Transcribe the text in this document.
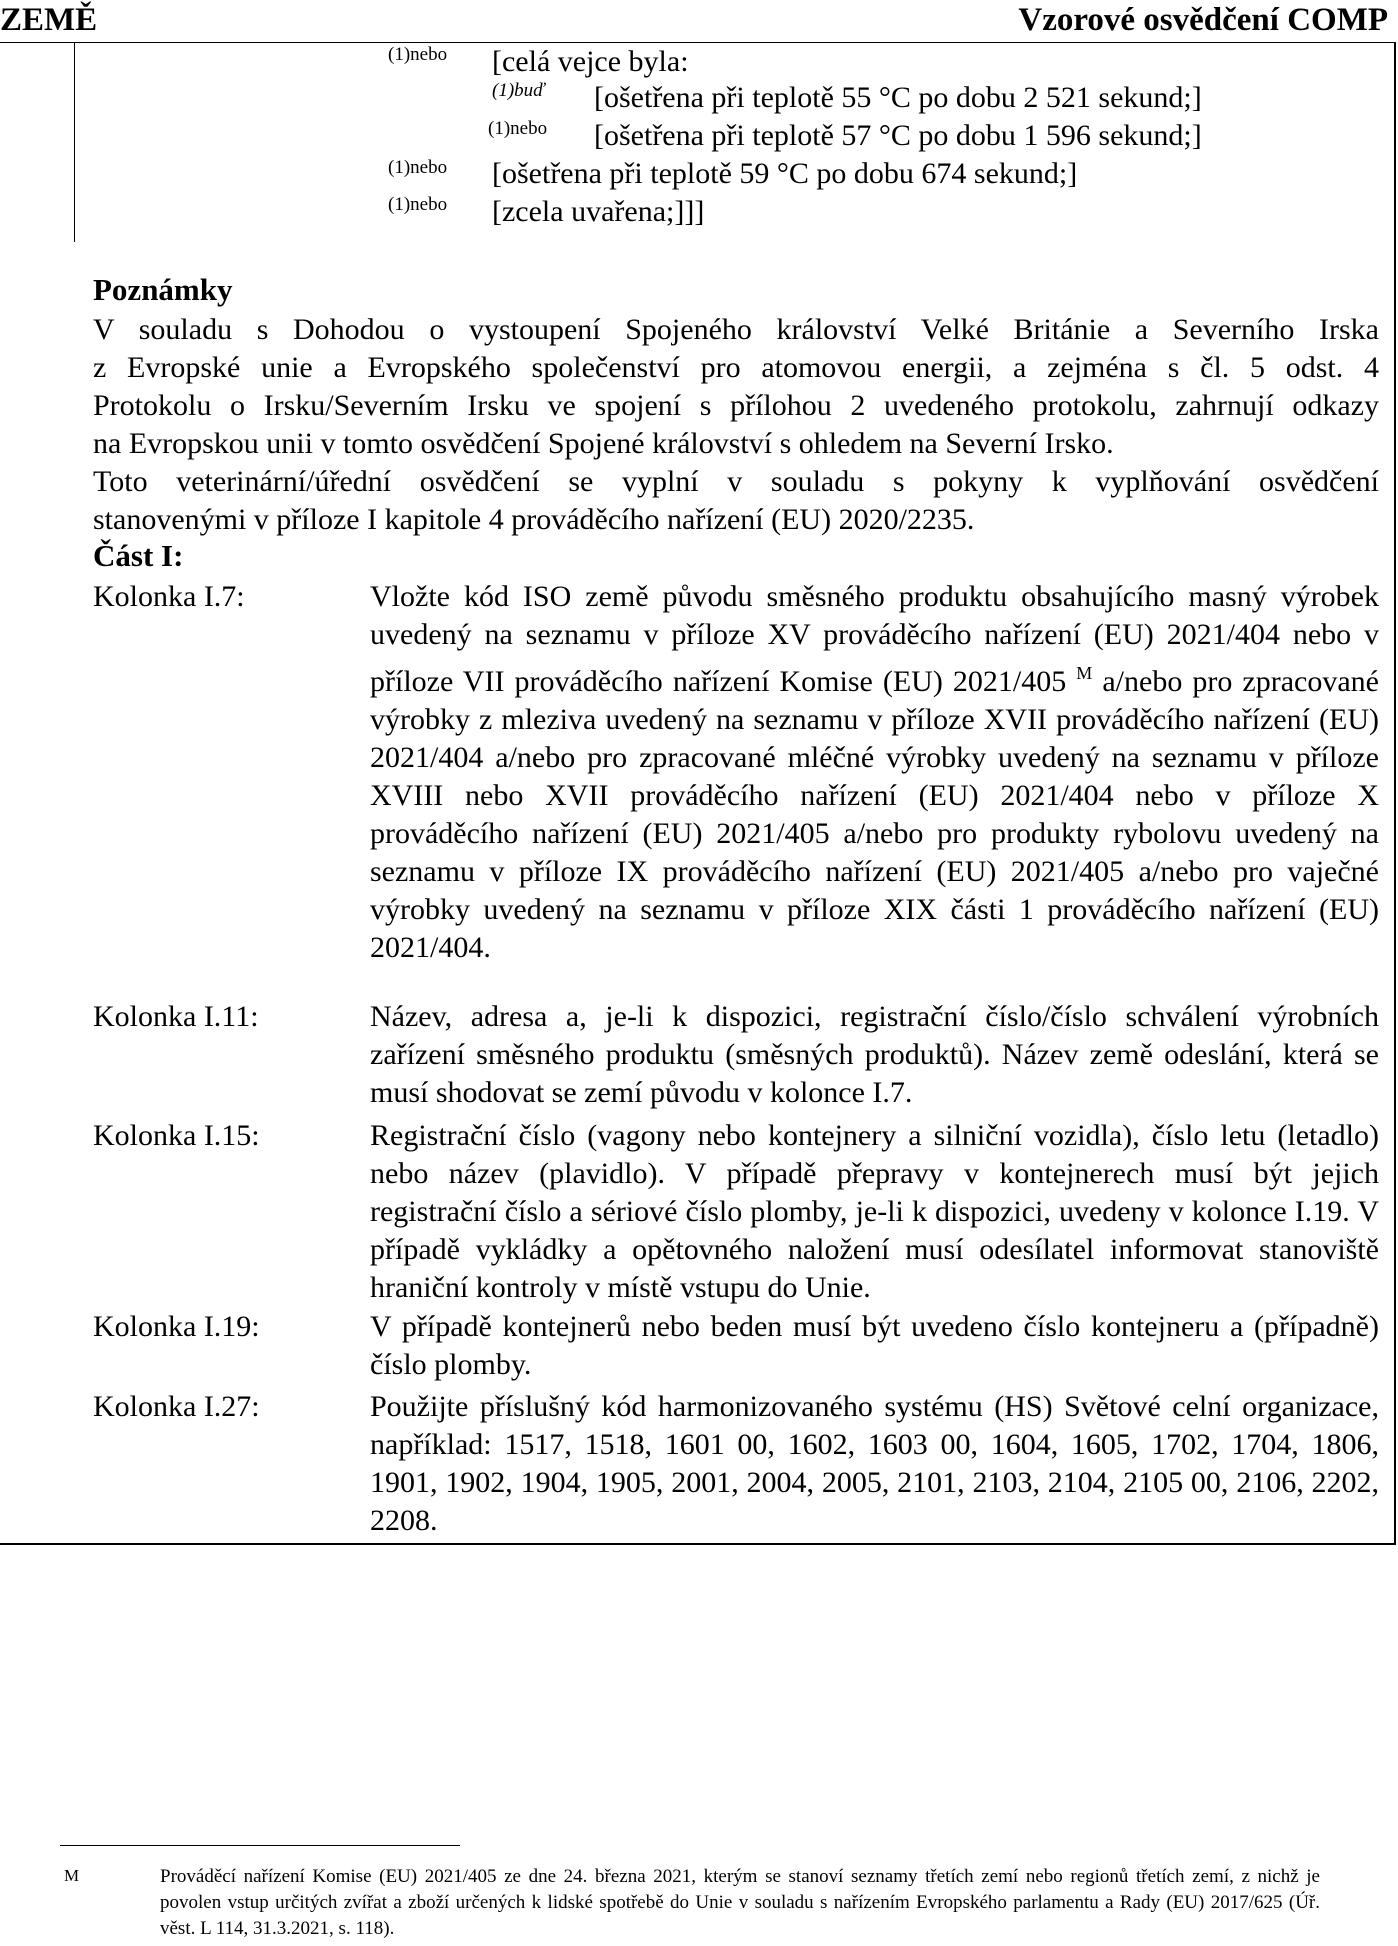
ZEMĚ	Vzorové osvědčení COMP
(1)nebo [celá vejce byla:
(1)buď [ošetřena při teplotě 55 °C po dobu 2 521 sekund;]
(1)nebo [ošetřena při teplotě 57 °C po dobu 1 596 sekund;]
(1)nebo [ošetřena při teplotě 59 °C po dobu 674 sekund;]
(1)nebo [zcela uvařena;]]]
Poznámky
V souladu s Dohodou o vystoupení Spojeného království Velké Británie a Severního Irska
z Evropské unie a Evropského společenství pro atomovou energii, a zejména s čl. 5 odst. 4
Protokolu o Irsku/Severním Irsku ve spojení s přílohou 2 uvedeného protokolu, zahrnují odkazy
na Evropskou unii v tomto osvědčení Spojené království s ohledem na Severní Irsko.
Toto veterinární/úřední osvědčení se vyplní v souladu s pokyny k vyplňování osvědčení
stanovenými v příloze I kapitole 4 prováděcího nařízení (EU) 2020/2235.
Část I:
Kolonka I.7:	Vložte kód ISO země původu směsného produktu obsahujícího masný výrobek uvedený na seznamu v příloze XV prováděcího nařízení (EU) 2021/404 nebo v příloze VII prováděcího nařízení Komise (EU) 2021/405 $^M$ a/nebo pro zpracované výrobky z mleziva uvedený na seznamu v příloze XVII prováděcího nařízení (EU) 2021/404 a/nebo pro zpracované mléčné výrobky uvedený na seznamu v příloze XVIII nebo XVII prováděcího nařízení (EU) 2021/404 nebo v příloze X prováděcího nařízení (EU) 2021/405 a/nebo pro produkty rybolovu uvedený na seznamu v příloze IX prováděcího nařízení (EU) 2021/405 a/nebo pro vaječné výrobky uvedený na seznamu v příloze XIX části 1 prováděcího nařízení (EU) 2021/404.
Kolonka I.11:	Název, adresa a, je-li k dispozici, registrační číslo/číslo schválení výrobních zařízení směsného produktu (směsných produktů). Název země odeslání, která se musí shodovat se zemí původu v kolonce I.7.
Kolonka I.15:	Registrační číslo (vagony nebo kontejnery a silniční vozidla), číslo letu (letadlo) nebo název (plavidlo). V případě přepravy v kontejnerech musí být jejich registrační číslo a sériové číslo plomby, je-li k dispozici, uvedeny v kolonce I.19. V případě vykládky a opětovného naložení musí odesílatel informovat stanoviště hraniční kontroly v místě vstupu do Unie.
Kolonka I.19:	V případě kontejnerů nebo beden musí být uvedeno číslo kontejneru a (případně) číslo plomby.
Kolonka I.27:	Použijte příslušný kód harmonizovaného systému (HS) Světové celní organizace, například: 1517, 1518, 1601 00, 1602, 1603 00, 1604, 1605, 1702, 1704, 1806, 1901, 1902, 1904, 1905, 2001, 2004, 2005, 2101, 2103, 2104, 2105 00, 2106, 2202, 2208.
M	Prováděcí nařízení Komise (EU) 2021/405 ze dne 24. března 2021, kterým se stanoví seznamy třetích zemí nebo regionů třetích zemí, z nichž je povolen vstup určitých zvířat a zboží určených k lidské spotřebě do Unie v souladu s nařízením Evropského parlamentu a Rady (EU) 2017/625 (Úř. věst. L 114, 31.3.2021, s. 118).
